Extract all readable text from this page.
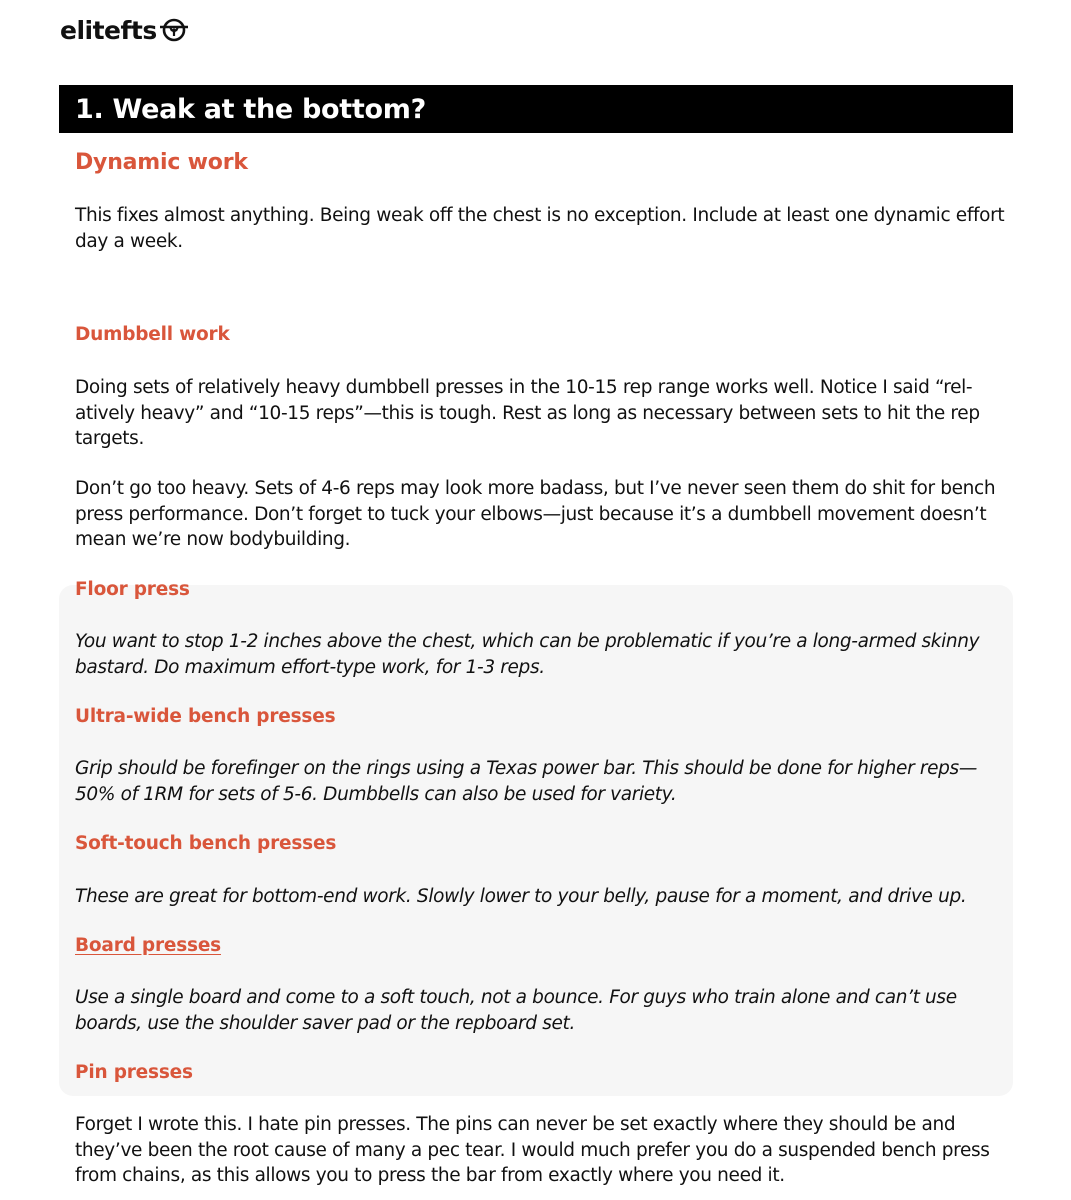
elitefts
1. Weak at the bottom?
Dynamic work

This fixes almost anything. Being weak off the chest is no exception. Include at least one dynamic effort day a week.

Dumbbell work

Doing sets of relatively heavy dumbbell presses in the 10-15 rep range works well. Notice I said “rel-atively heavy” and “10-15 reps”—this is tough. Rest as long as necessary between sets to hit the rep targets.

Don’t go too heavy. Sets of 4-6 reps may look more badass, but I’ve never seen them do shit for bench press performance. Don’t forget to tuck your elbows—just because it’s a dumbbell movement doesn’t mean we’re now bodybuilding.

Floor press

You want to stop 1-2 inches above the chest, which can be problematic if you’re a long-armed skinny bastard. Do maximum effort-type work, for 1-3 reps.

Ultra-wide bench presses

Grip should be forefinger on the rings using a Texas power bar. This should be done for higher reps—50% of 1RM for sets of 5-6. Dumbbells can also be used for variety.

Soft-touch bench presses

These are great for bottom-end work. Slowly lower to your belly, pause for a moment, and drive up.

Board presses

Use a single board and come to a soft touch, not a bounce. For guys who train alone and can’t use boards, use the shoulder saver pad or the repboard set.

Pin presses

Forget I wrote this. I hate pin presses. The pins can never be set exactly where they should be and they’ve been the root cause of many a pec tear. I would much prefer you do a suspended bench press from chains, as this allows you to press the bar from exactly where you need it.
